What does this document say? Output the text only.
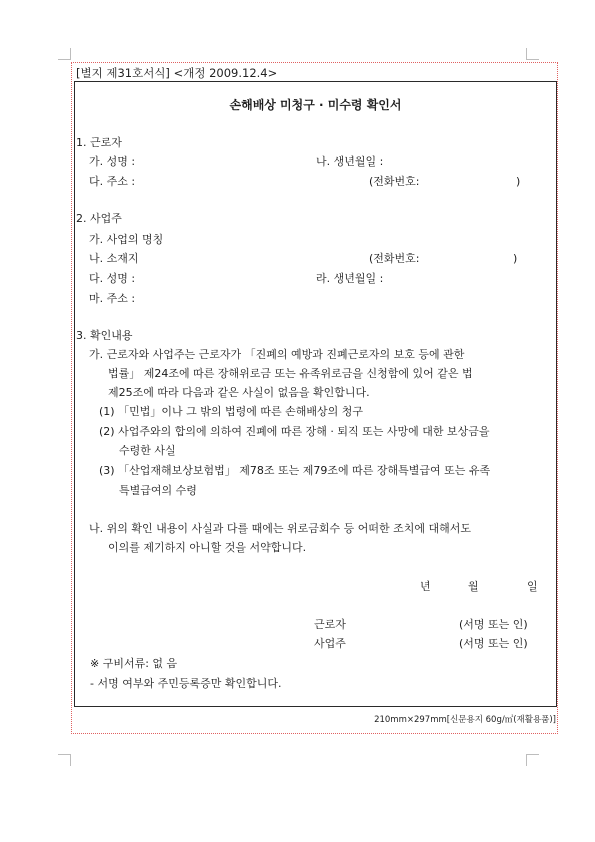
[별지 제31호서식] <개정 2009.12.4>
손해배상 미청구 · 미수령 확인서
1. 근로자
가. 성명 :	나. 생년월일 :
다. 주소 :	(전화번호:	)
2. 사업주
가. 사업의 명칭
나. 소재지	(전화번호:	)
다. 성명 :	라. 생년월일 :
마. 주소 :
3. 확인내용
가. 근로자와 사업주는 근로자가 「진폐의 예방과 진폐근로자의 보호 등에 관한
법률」 제24조에 따른 장해위로금 또는 유족위로금을 신청함에 있어 같은 법
제25조에 따라 다음과 같은 사실이 없음을 확인합니다.
(1) 「민법」이나 그 밖의 법령에 따른 손해배상의 청구
(2) 사업주와의 합의에 의하여 진폐에 따른 장해 · 퇴직 또는 사망에 대한 보상금을
수령한 사실
(3) 「산업재해보상보험법」 제78조 또는 제79조에 따른 장해특별급여 또는 유족
특별급여의 수령
나. 위의 확인 내용이 사실과 다를 때에는 위로금회수 등 어떠한 조치에 대해서도
이의를 제기하지 아니할 것을 서약합니다.
년	월	일
근로자	(서명 또는 인)
사업주	(서명 또는 인)
※ 구비서류: 없 음
- 서명 여부와 주민등록증만 확인합니다.
210mm×297mm[신문용지 60g/㎡(재활용품)]
